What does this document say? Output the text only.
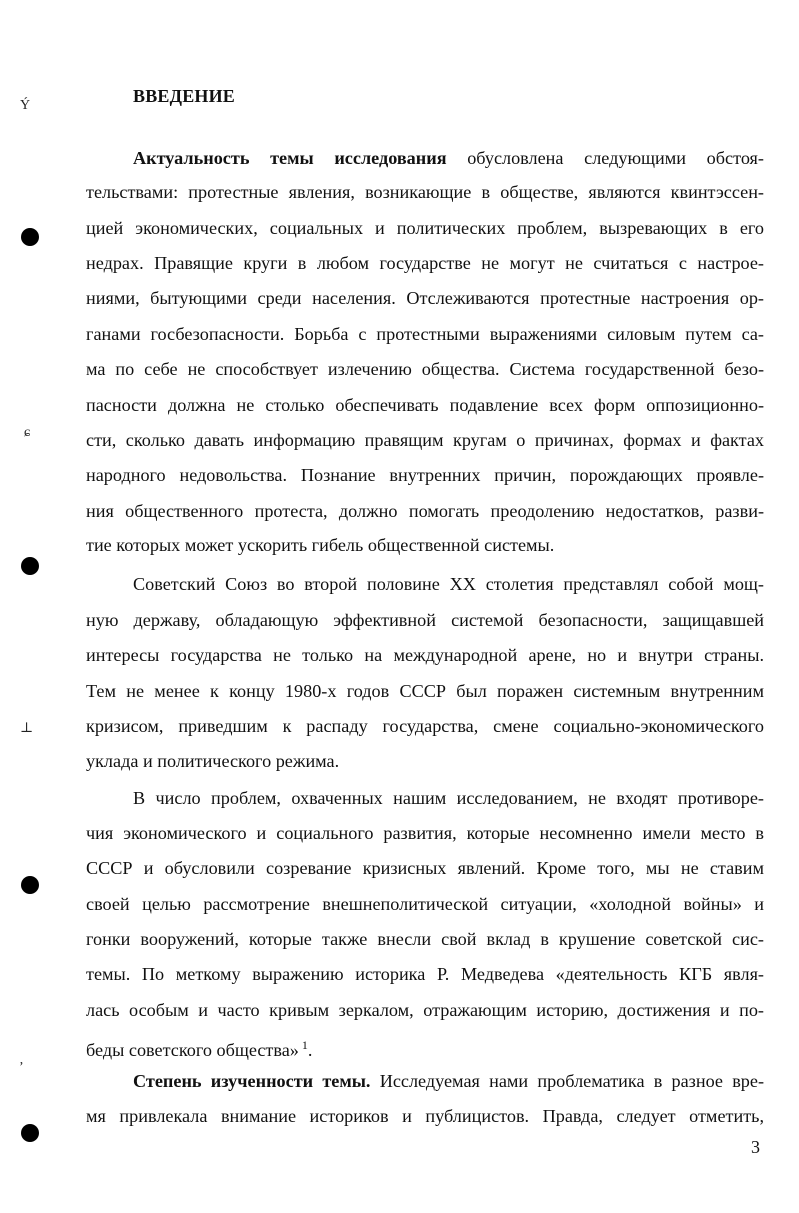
Ý
ɕ
⊥
ʼ
ВВЕДЕНИЕ
Актуальность темы исследования обусловлена следующими обстоя-
тельствами: протестные явления, возникающие в обществе, являются квинтэссен-
цией экономических, социальных и политических проблем, вызревающих в его
недрах. Правящие круги в любом государстве не могут не считаться с настрое-
ниями, бытующими среди населения. Отслеживаются протестные настроения ор-
ганами госбезопасности. Борьба с протестными выражениями силовым путем са-
ма по себе не способствует излечению общества. Система государственной безо-
пасности должна не столько обеспечивать подавление всех форм оппозиционно-
сти, сколько давать информацию правящим кругам о причинах, формах и фактах
народного недовольства. Познание внутренних причин, порождающих проявле-
ния общественного протеста, должно помогать преодолению недостатков, разви-
тие которых может ускорить гибель общественной системы.
Советский Союз во второй половине XX столетия представлял собой мощ-
ную державу, обладающую эффективной системой безопасности, защищавшей
интересы государства не только на международной арене, но и внутри страны.
Тем не менее к концу 1980-х годов СССР был поражен системным внутренним
кризисом, приведшим к распаду государства, смене социально-экономического
уклада и политического режима.
В число проблем, охваченных нашим исследованием, не входят противоре-
чия экономического и социального развития, которые несомненно имели место в
СССР и обусловили созревание кризисных явлений. Кроме того, мы не ставим
своей целью рассмотрение внешнеполитической ситуации, «холодной войны» и
гонки вооружений, которые также внесли свой вклад в крушение советской сис-
темы. По меткому выражению историка Р. Медведева «деятельность КГБ явля-
лась особым и часто кривым зеркалом, отражающим историю, достижения и по-
беды советского общества» $^1$.
Степень изученности темы. Исследуемая нами проблематика в разное вре-
мя привлекала внимание историков и публицистов. Правда, следует отметить,
3
